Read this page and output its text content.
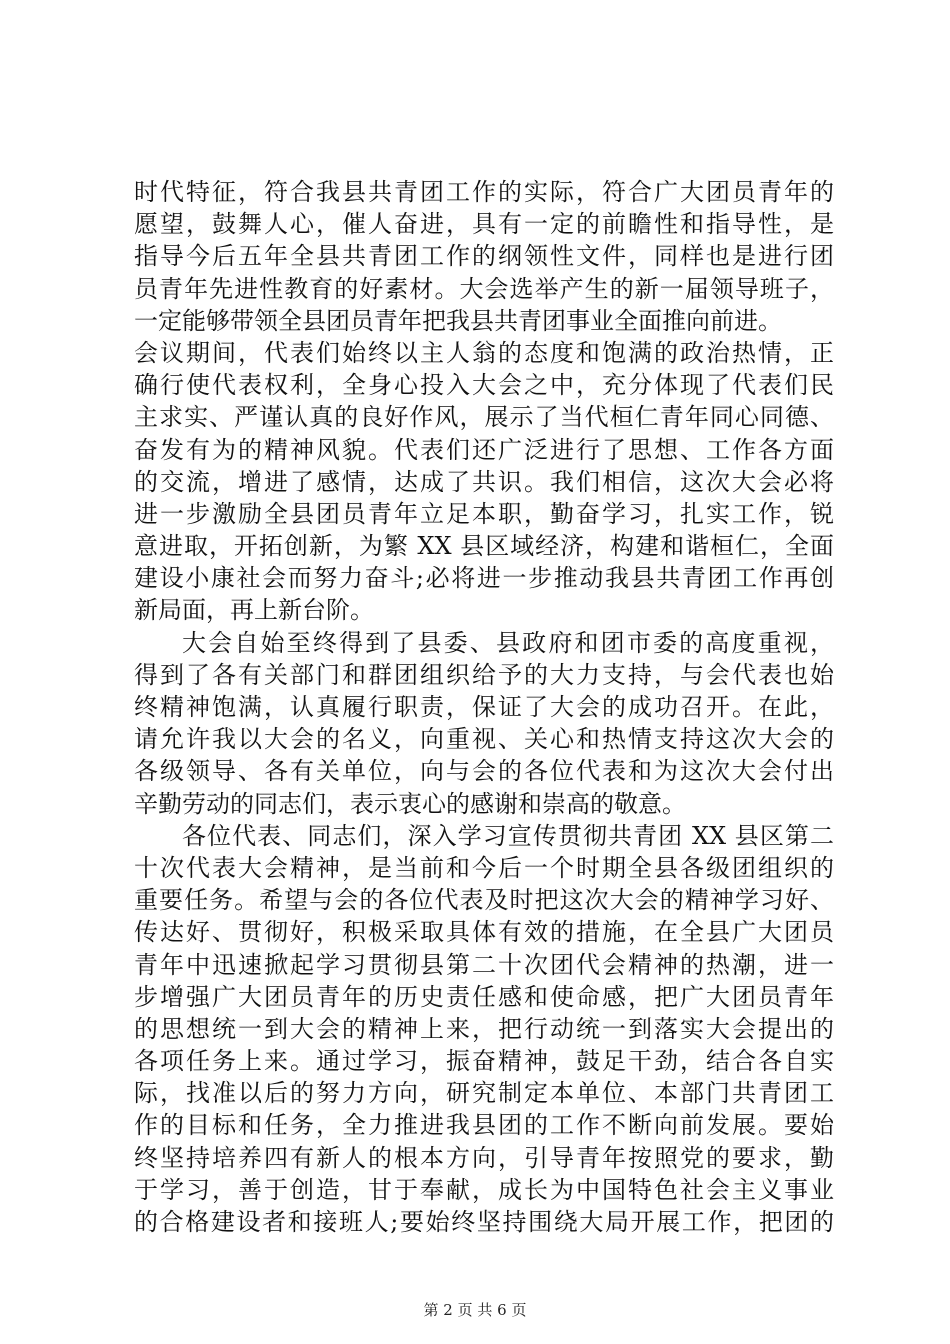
时代特征，符合我县共青团工作的实际，符合广大团员青年的
愿望，鼓舞人心，催人奋进，具有一定的前瞻性和指导性，是
指导今后五年全县共青团工作的纲领性文件，同样也是进行团
员青年先进性教育的好素材。大会选举产生的新一届领导班子，
一定能够带领全县团员青年把我县共青团事业全面推向前进。
会议期间，代表们始终以主人翁的态度和饱满的政治热情，正
确行使代表权利，全身心投入大会之中，充分体现了代表们民
主求实、严谨认真的良好作风，展示了当代桓仁青年同心同德、
奋发有为的精神风貌。代表们还广泛进行了思想、工作各方面
的交流，增进了感情，达成了共识。我们相信，这次大会必将
进一步激励全县团员青年立足本职，勤奋学习，扎实工作，锐
意进取，开拓创新，为繁 XX 县区域经济，构建和谐桓仁，全面
建设小康社会而努力奋斗;必将进一步推动我县共青团工作再创
新局面，再上新台阶。
大会自始至终得到了县委、县政府和团市委的高度重视，
得到了各有关部门和群团组织给予的大力支持，与会代表也始
终精神饱满，认真履行职责，保证了大会的成功召开。在此，
请允许我以大会的名义，向重视、关心和热情支持这次大会的
各级领导、各有关单位，向与会的各位代表和为这次大会付出
辛勤劳动的同志们，表示衷心的感谢和崇高的敬意。
各位代表、同志们，深入学习宣传贯彻共青团 XX 县区第二
十次代表大会精神，是当前和今后一个时期全县各级团组织的
重要任务。希望与会的各位代表及时把这次大会的精神学习好、
传达好、贯彻好，积极采取具体有效的措施，在全县广大团员
青年中迅速掀起学习贯彻县第二十次团代会精神的热潮，进一
步增强广大团员青年的历史责任感和使命感，把广大团员青年
的思想统一到大会的精神上来，把行动统一到落实大会提出的
各项任务上来。通过学习，振奋精神，鼓足干劲，结合各自实
际，找准以后的努力方向，研究制定本单位、本部门共青团工
作的目标和任务，全力推进我县团的工作不断向前发展。要始
终坚持培养四有新人的根本方向，引导青年按照党的要求，勤
于学习，善于创造，甘于奉献，成长为中国特色社会主义事业
的合格建设者和接班人;要始终坚持围绕大局开展工作，把团的
第 2 页 共 6 页
